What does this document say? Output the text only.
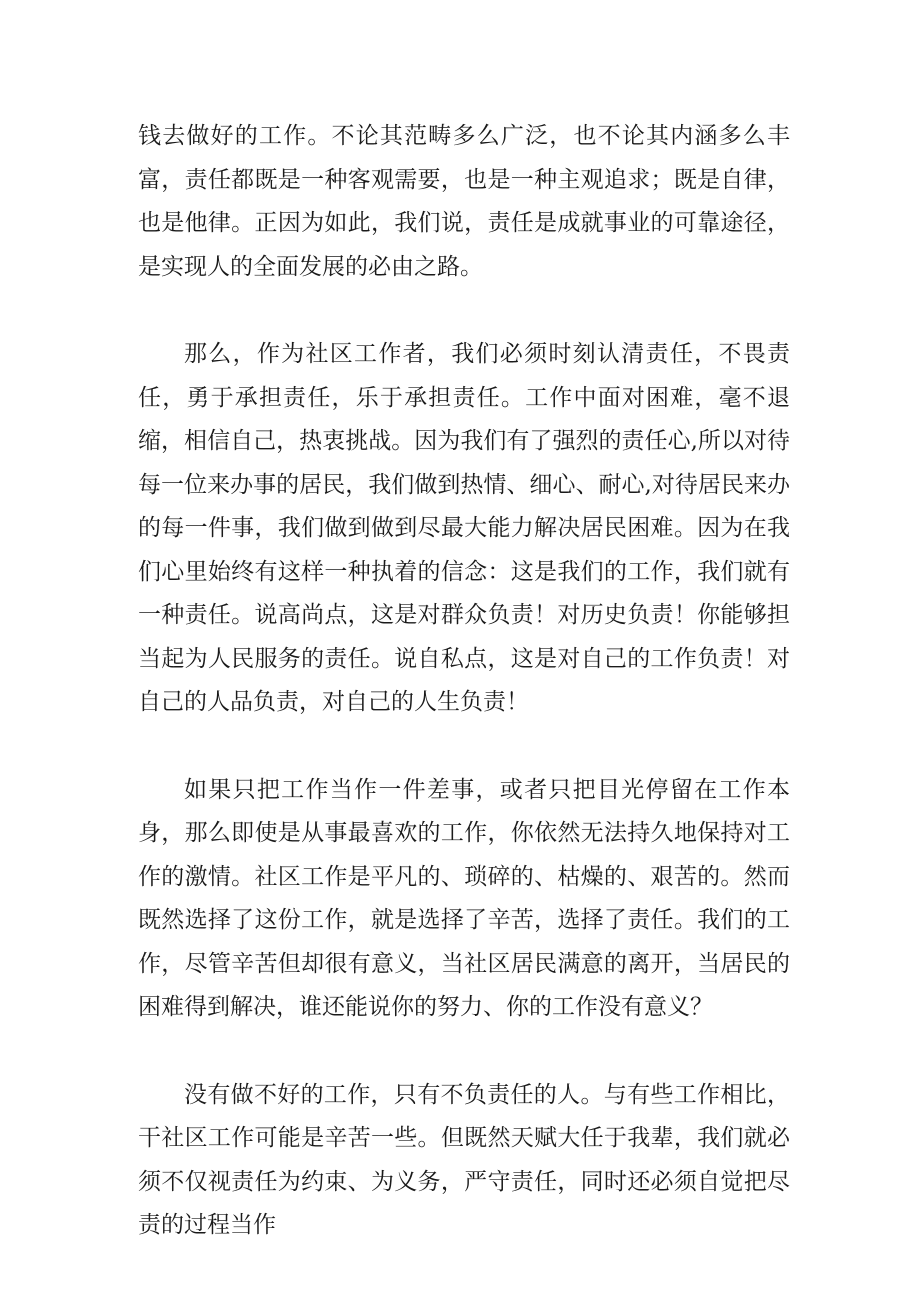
钱去做好的工作。不论其范畴多么广泛，也不论其内涵多么丰富，责任都既是一种客观需要，也是一种主观追求；既是自律，也是他律。正因为如此，我们说，责任是成就事业的可靠途径，是实现人的全面发展的必由之路。

那么，作为社区工作者，我们必须时刻认清责任，不畏责任，勇于承担责任，乐于承担责任。工作中面对困难，毫不退缩，相信自己，热衷挑战。因为我们有了强烈的责任心,所以对待每一位来办事的居民，我们做到热情、细心、耐心,对待居民来办的每一件事，我们做到做到尽最大能力解决居民困难。因为在我们心里始终有这样一种执着的信念：这是我们的工作，我们就有一种责任。说高尚点，这是对群众负责！对历史负责！你能够担当起为人民服务的责任。说自私点，这是对自己的工作负责！对自己的人品负责，对自己的人生负责！

如果只把工作当作一件差事，或者只把目光停留在工作本身，那么即使是从事最喜欢的工作，你依然无法持久地保持对工作的激情。社区工作是平凡的、琐碎的、枯燥的、艰苦的。然而既然选择了这份工作，就是选择了辛苦，选择了责任。我们的工作，尽管辛苦但却很有意义，当社区居民满意的离开，当居民的困难得到解决，谁还能说你的努力、你的工作没有意义？

没有做不好的工作，只有不负责任的人。与有些工作相比，干社区工作可能是辛苦一些。但既然天赋大任于我辈，我们就必须不仅视责任为约束、为义务，严守责任，同时还必须自觉把尽责的过程当作
